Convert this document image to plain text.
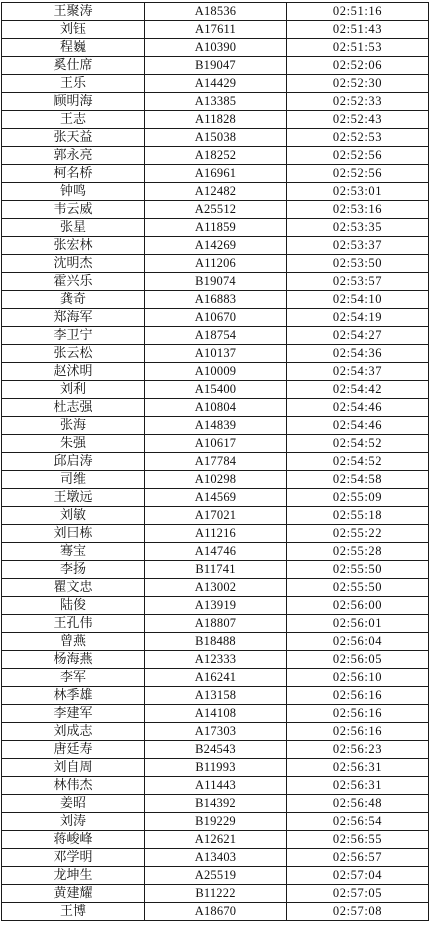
王聚涛	A18536	02:51:16
刘钰	A17611	02:51:43
程巍	A10390	02:51:53
奚仕席	B19047	02:52:06
王乐	A14429	02:52:30
顾明海	A13385	02:52:33
王志	A11828	02:52:43
张天益	A15038	02:52:53
郭永亮	A18252	02:52:56
柯名桥	A16961	02:52:56
钟鸣	A12482	02:53:01
韦云威	A25512	02:53:16
张星	A11859	02:53:35
张宏林	A14269	02:53:37
沈明杰	A11206	02:53:50
霍兴乐	B19074	02:53:57
龚奇	A16883	02:54:10
郑海军	A10670	02:54:19
李卫宁	A18754	02:54:27
张云松	A10137	02:54:36
赵沭明	A10009	02:54:37
刘利	A15400	02:54:42
杜志强	A10804	02:54:46
张海	A14839	02:54:46
朱强	A10617	02:54:52
邱启涛	A17784	02:54:52
司维	A10298	02:54:58
王墩远	A14569	02:55:09
刘敏	A17021	02:55:18
刘曰栋	A11216	02:55:22
骞宝	A14746	02:55:28
李扬	B11741	02:55:50
瞿文忠	A13002	02:55:50
陆俊	A13919	02:56:00
王孔伟	A18807	02:56:01
曾燕	B18488	02:56:04
杨海燕	A12333	02:56:05
李军	A16241	02:56:10
林季雄	A13158	02:56:16
李建军	A14108	02:56:16
刘成志	A17303	02:56:16
唐廷寿	B24543	02:56:23
刘自周	B11993	02:56:31
林伟杰	A11443	02:56:31
姜昭	B14392	02:56:48
刘涛	B19229	02:56:54
蒋峻峰	A12621	02:56:55
邓学明	A13403	02:56:57
龙坤生	A25519	02:57:04
黄建耀	B11222	02:57:05
王博	A18670	02:57:08
